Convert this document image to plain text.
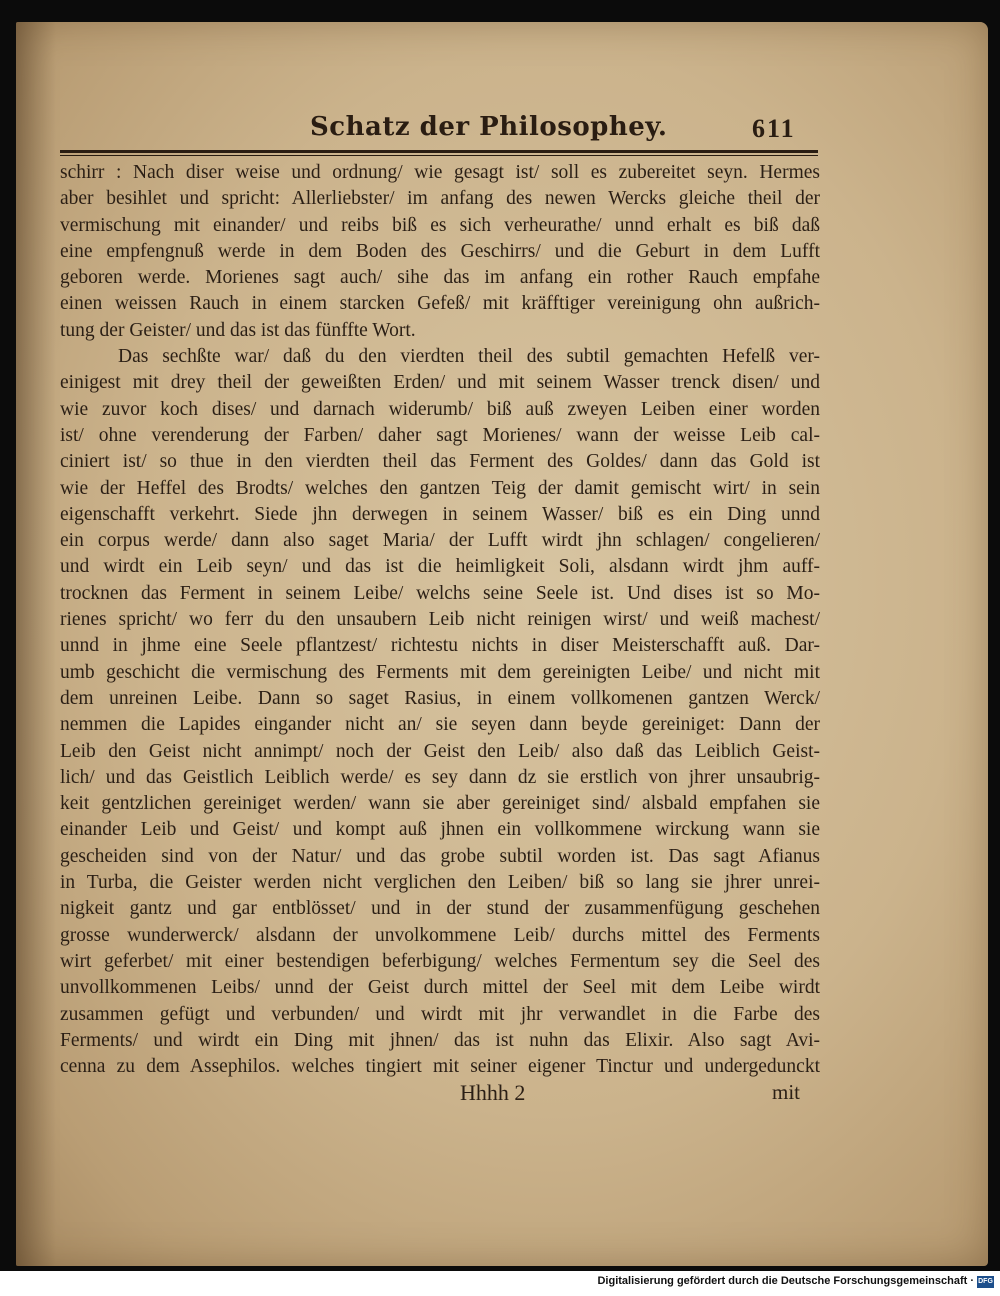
Schatz der Philosophey.	611
schirr : Nach diser weise und ordnung/ wie gesagt ist/ soll es zubereitet seyn. Hermes
aber besihlet und spricht: Allerliebster/ im anfang des newen Wercks gleiche theil der
vermischung mit einander/ und reibs biß es sich verheurathe/ unnd erhalt es biß daß
eine empfengnuß werde in dem Boden des Geschirrs/ und die Geburt in dem Lufft
geboren werde. Morienes sagt auch/ sihe das im anfang ein rother Rauch empfahe
einen weissen Rauch in einem starcken Gefeß/ mit kräfftiger vereinigung ohn außrich-
tung der Geister/ und das ist das fünffte Wort.
Das sechßte war/ daß du den vierdten theil des subtil gemachten Hefelß ver-
einigest mit drey theil der geweißten Erden/ und mit seinem Wasser trenck disen/ und
wie zuvor koch dises/ und darnach widerumb/ biß auß zweyen Leiben einer worden
ist/ ohne verenderung der Farben/ daher sagt Morienes/ wann der weisse Leib cal-
ciniert ist/ so thue in den vierdten theil das Ferment des Goldes/ dann das Gold ist
wie der Heffel des Brodts/ welches den gantzen Teig der damit gemischt wirt/ in sein
eigenschafft verkehrt. Siede jhn derwegen in seinem Wasser/ biß es ein Ding unnd
ein corpus werde/ dann also saget Maria/ der Lufft wirdt jhn schlagen/ congelieren/
und wirdt ein Leib seyn/ und das ist die heimligkeit Soli, alsdann wirdt jhm auff-
trocknen das Ferment in seinem Leibe/ welchs seine Seele ist. Und dises ist so Mo-
rienes spricht/ wo ferr du den unsaubern Leib nicht reinigen wirst/ und weiß machest/
unnd in jhme eine Seele pflantzest/ richtestu nichts in diser Meisterschafft auß. Dar-
umb geschicht die vermischung des Ferments mit dem gereinigten Leibe/ und nicht mit
dem unreinen Leibe. Dann so saget Rasius, in einem vollkomenen gantzen Werck/
nemmen die Lapides eingander nicht an/ sie seyen dann beyde gereiniget: Dann der
Leib den Geist nicht annimpt/ noch der Geist den Leib/ also daß das Leiblich Geist-
lich/ und das Geistlich Leiblich werde/ es sey dann dz sie erstlich von jhrer unsaubrig-
keit gentzlichen gereiniget werden/ wann sie aber gereiniget sind/ alsbald empfahen sie
einander Leib und Geist/ und kompt auß jhnen ein vollkommene wirckung wann sie
gescheiden sind von der Natur/ und das grobe subtil worden ist. Das sagt Afianus
in Turba, die Geister werden nicht verglichen den Leiben/ biß so lang sie jhrer unrei-
nigkeit gantz und gar entblösset/ und in der stund der zusammenfügung geschehen
grosse wunderwerck/ alsdann der unvolkommene Leib/ durchs mittel des Ferments
wirt geferbet/ mit einer bestendigen beferbigung/ welches Fermentum sey die Seel des
unvollkommenen Leibs/ unnd der Geist durch mittel der Seel mit dem Leibe wirdt
zusammen gefügt und verbunden/ und wirdt mit jhr verwandlet in die Farbe des
Ferments/ und wirdt ein Ding mit jhnen/ das ist nuhn das Elixir. Also sagt Avi-
cenna zu dem Assephilos. welches tingiert mit seiner eigener Tinctur und undergedunckt
Hhhh 2	mit
Digitalisierung gefördert durch die Deutsche Forschungsgemeinschaft · DFG
